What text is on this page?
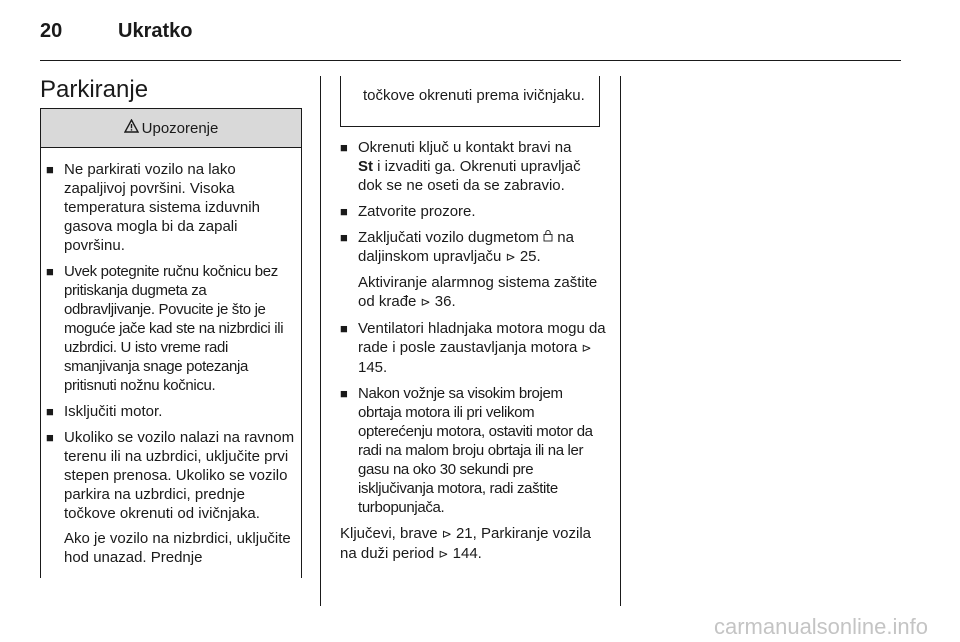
20	Ukratko
Parkiranje
Upozorenje
■ Ne parkirati vozilo na lako zapaljivoj površini. Visoka temperatura sistema izduvnih gasova mogla bi da zapali površinu.
■ Uvek potegnite ručnu kočnicu bez pritiskanja dugmeta za odbravljivanje. Povucite je što je moguće jače kad ste na nizbrdici ili uzbrdici. U isto vreme radi smanjivanja snage potezanja pritisnuti nožnu kočnicu.
■ Isključiti motor.
■ Ukoliko se vozilo nalazi na ravnom terenu ili na uzbrdici, uključite prvi stepen prenosa. Ukoliko se vozilo parkira na uzbrdici, prednje točkove okrenuti od ivičnjaka.
Ako je vozilo na nizbrdici, uključite hod unazad. Prednje
točkove okrenuti prema ivičnjaku.
■ Okrenuti ključ u kontakt bravi na
St i izvaditi ga. Okrenuti upravljač dok se ne oseti da se zabravio.
■ Zatvorite prozore.
■ Zaključati vozilo dugmetom  na daljinskom upravljaču ⊳ 25.
Aktiviranje alarmnog sistema zaštite od krađe ⊳ 36.
■ Ventilatori hladnjaka motora mogu da rade i posle zaustavljanja motora ⊳ 145.
■ Nakon vožnje sa visokim brojem obrtaja motora ili pri velikom opterećenju motora, ostaviti motor da radi na malom broju obrtaja ili na ler gasu na oko 30 sekundi pre isključivanja motora, radi zaštite turbopunjača.
Ključevi, brave ⊳ 21, Parkiranje vozila na duži period ⊳ 144.
carmanualsonline.info
